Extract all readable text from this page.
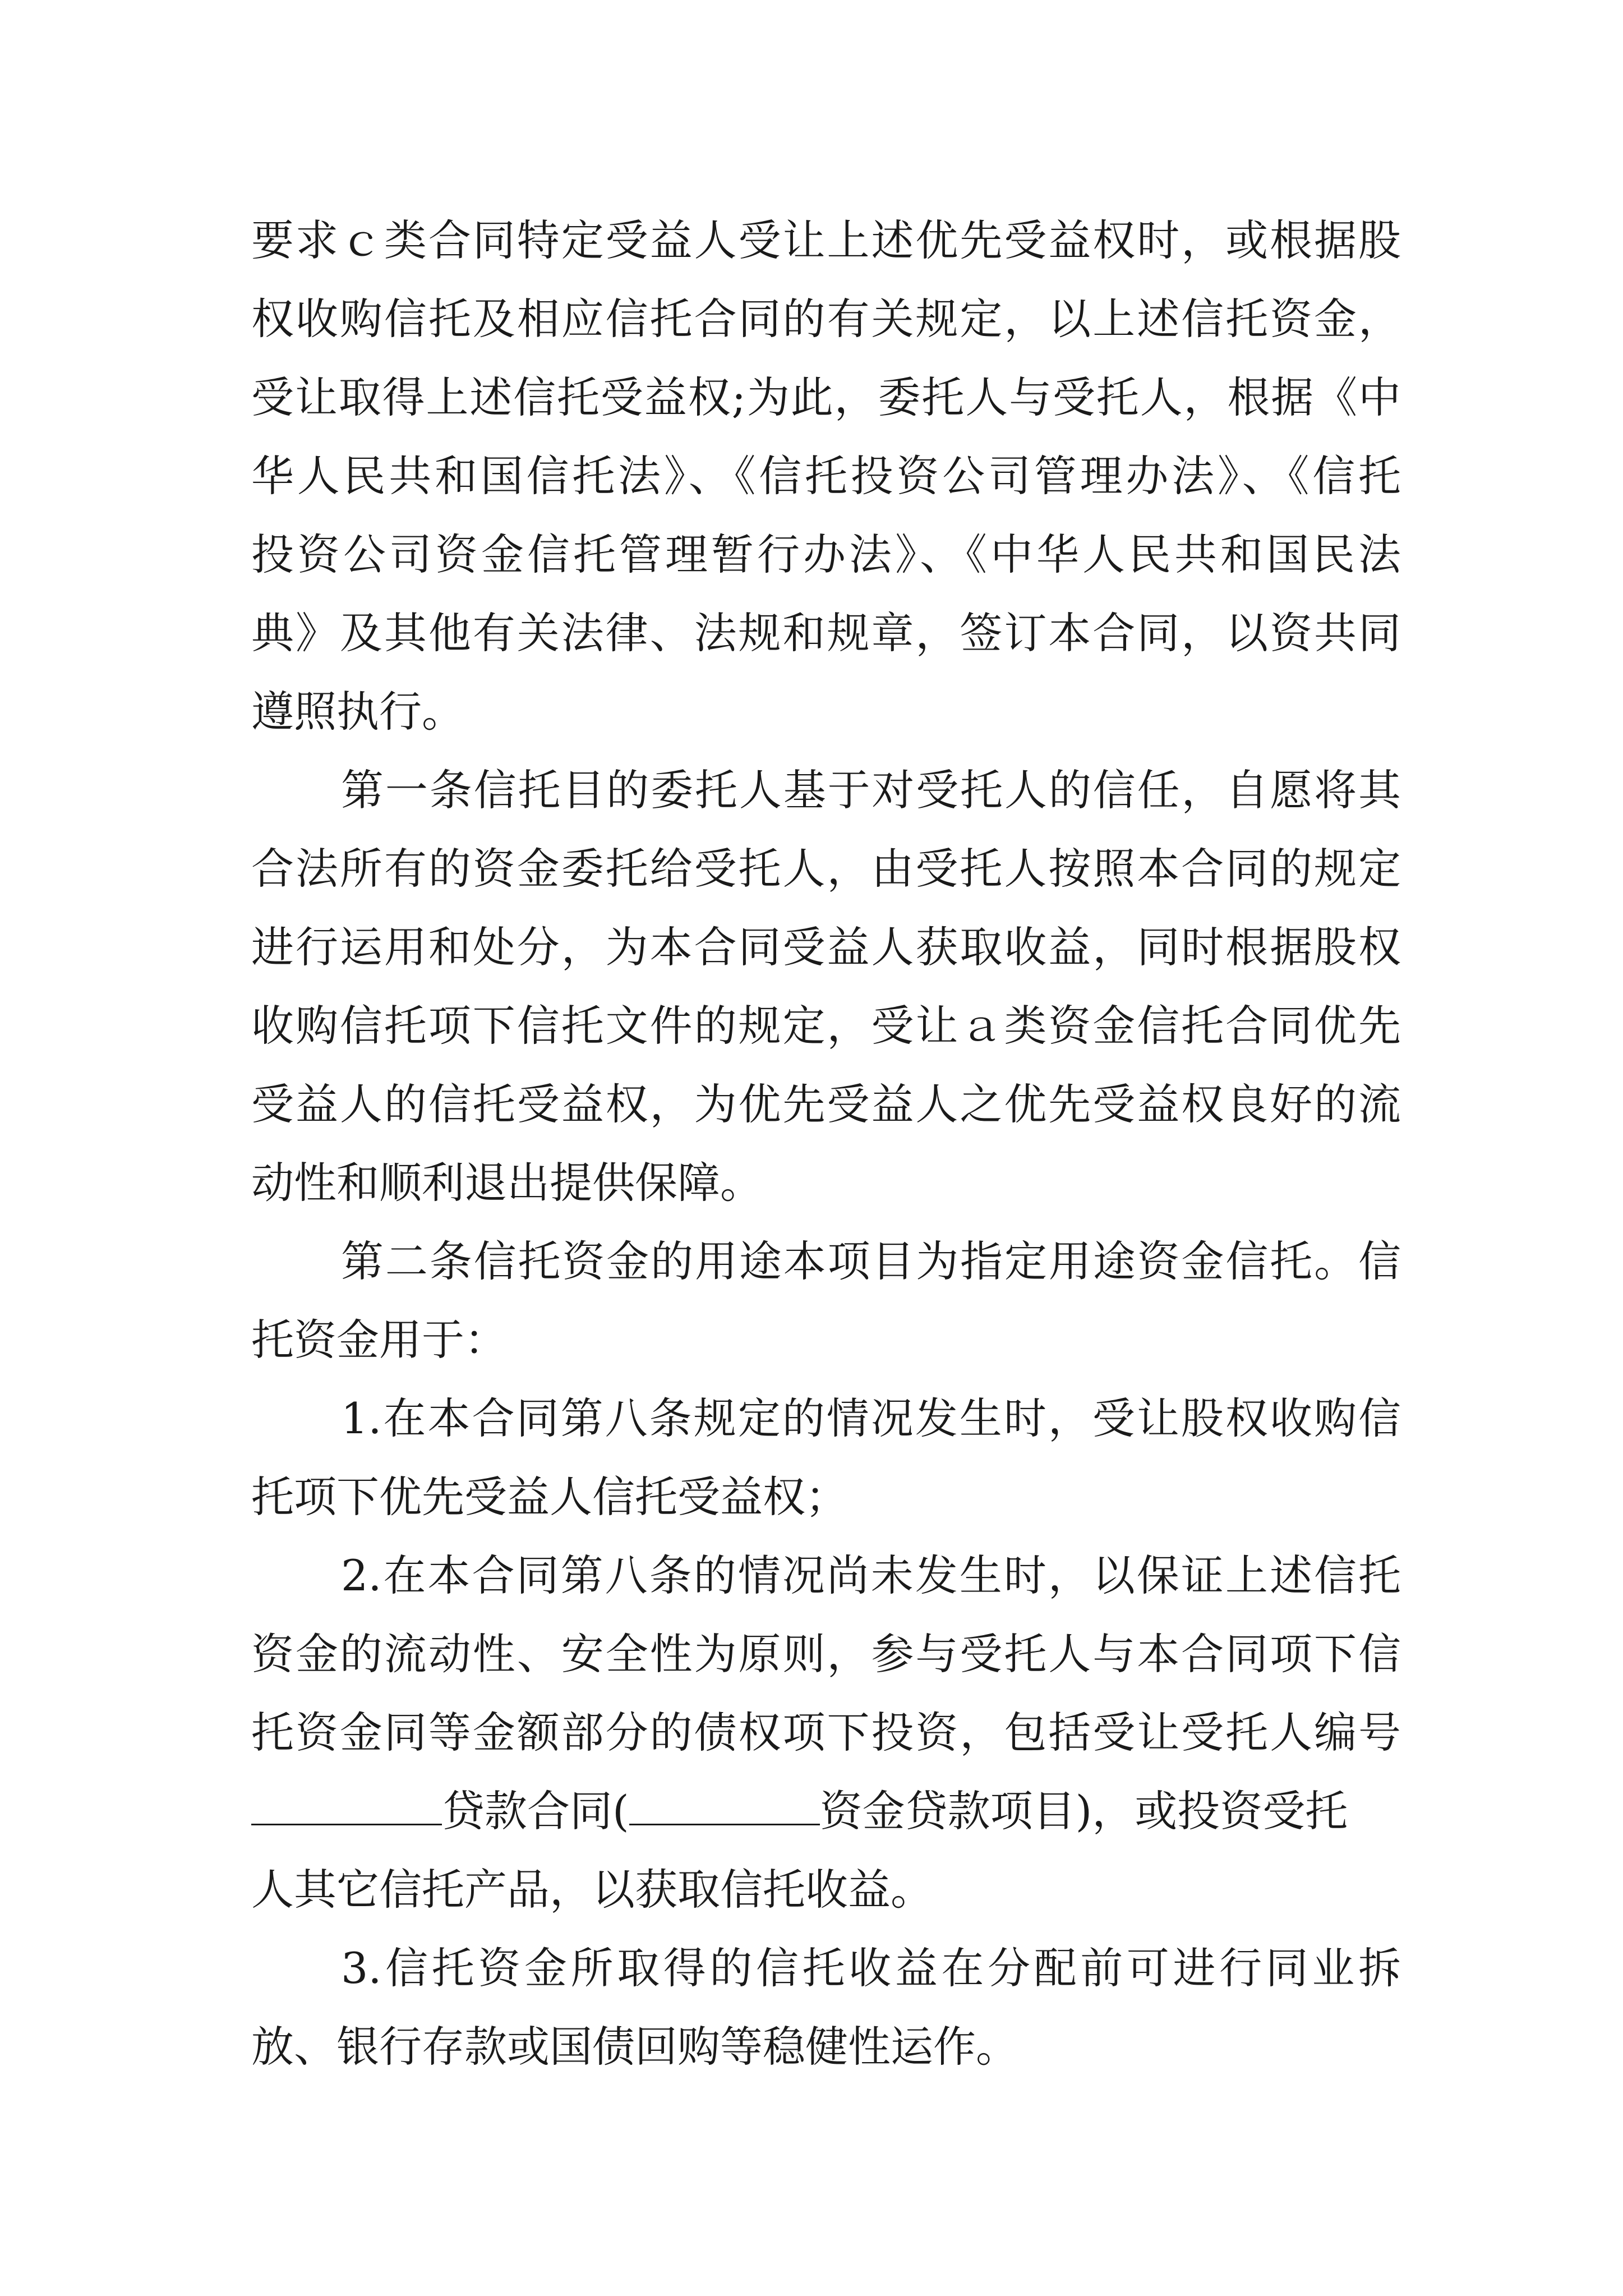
要求ｃ类合同特定受益人受让上述优先受益权时，或根据股
权收购信托及相应信托合同的有关规定，以上述信托资金，
受让取得上述信托受益权;为此，委托人与受托人，根据《中
华人民共和国信托法》、《信托投资公司管理办法》、《信托
投资公司资金信托管理暂行办法》、《中华人民共和国民法
典》及其他有关法律、法规和规章，签订本合同，以资共同
遵照执行。
第一条信托目的委托人基于对受托人的信任，自愿将其
合法所有的资金委托给受托人，由受托人按照本合同的规定
进行运用和处分，为本合同受益人获取收益，同时根据股权
收购信托项下信托文件的规定，受让ａ类资金信托合同优先
受益人的信托受益权，为优先受益人之优先受益权良好的流
动性和顺利退出提供保障。
第二条信托资金的用途本项目为指定用途资金信托。信
托资金用于：
1.在本合同第八条规定的情况发生时，受让股权收购信
托项下优先受益人信托受益权；
2.在本合同第八条的情况尚未发生时，以保证上述信托
资金的流动性、安全性为原则，参与受托人与本合同项下信
托资金同等金额部分的债权项下投资，包括受让受托人编号
贷款合同(	资金贷款项目)，或投资受托
人其它信托产品，以获取信托收益。
3.信托资金所取得的信托收益在分配前可进行同业拆
放、银行存款或国债回购等稳健性运作。
